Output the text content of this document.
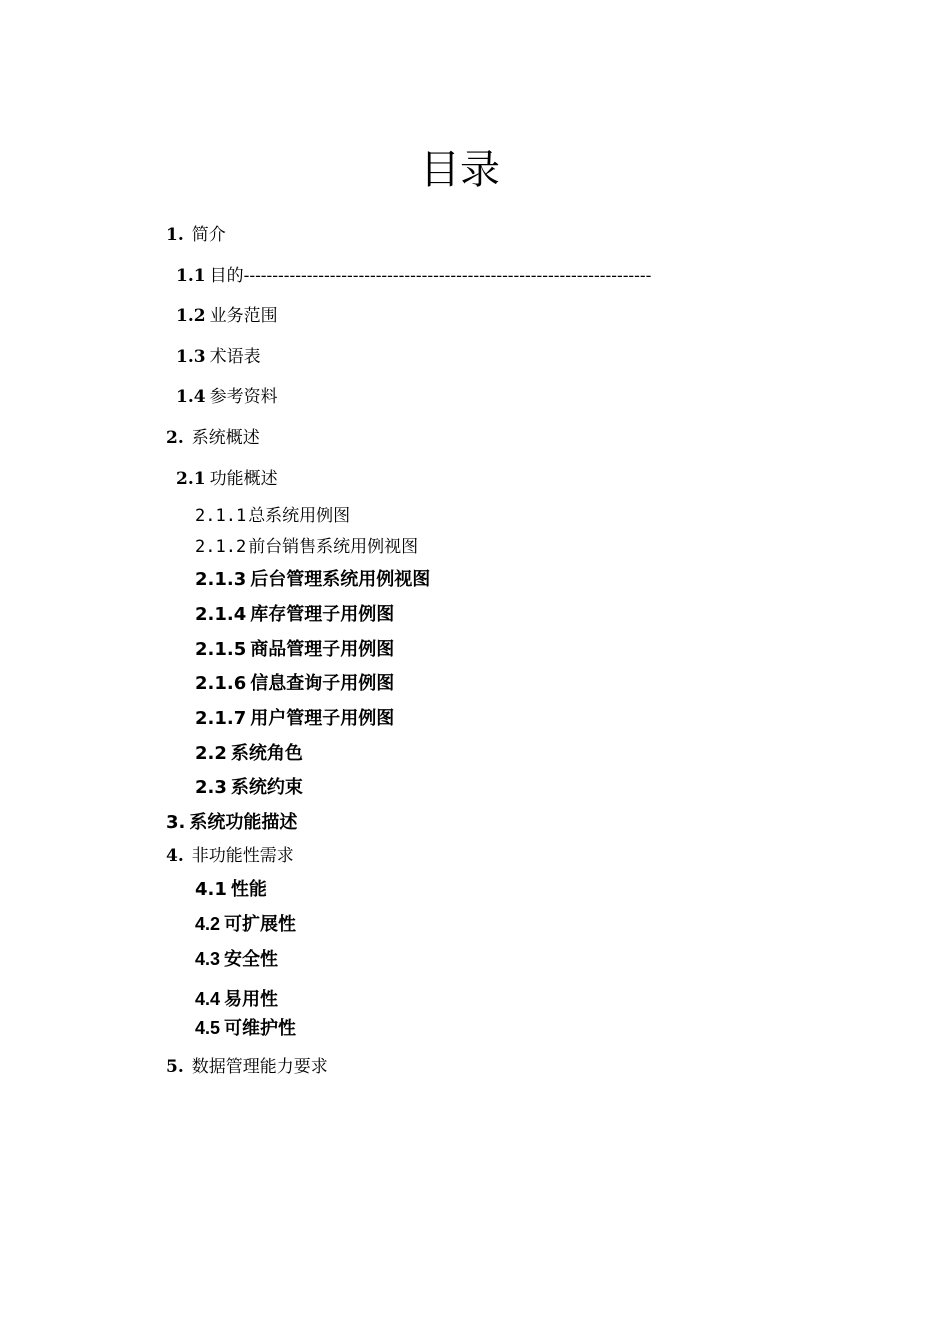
目录
1. 简介
1.1 目的-----------------------------------------------------------------------
1.2 业务范围
1.3 术语表
1.4 参考资料
2. 系统概述
2.1 功能概述
2.1.1 总系统用例图
2.1.2 前台销售系统用例视图
2.1.3 后台管理系统用例视图
2.1.4 库存管理子用例图
2.1.5 商品管理子用例图
2.1.6 信息查询子用例图
2.1.7 用户管理子用例图
2.2 系统角色
2.3 系统约束
3. 系统功能描述
4. 非功能性需求
4.1 性能
4.2 可扩展性
4.3 安全性
4.4 易用性
4.5 可维护性
5. 数据管理能力要求
